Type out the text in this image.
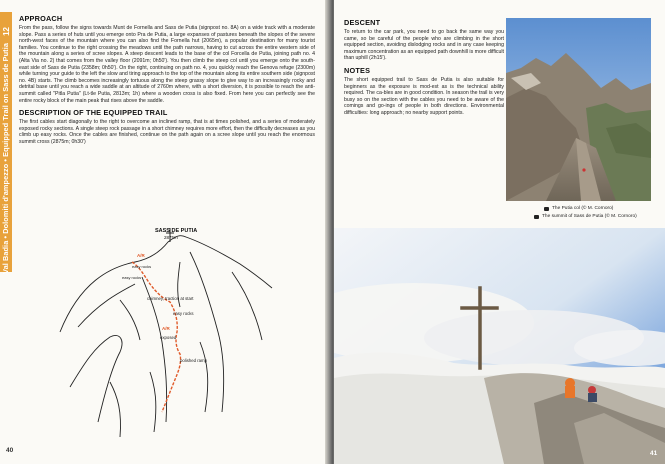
12
Val Badia • Dolomiti d'ampezzo • Equipped Trail on Sass de Putia
APPROACH
From the pass, follow the signs towards Munt de Fornella and Sass de Putia (signpost no. 8A) on a wide track with a moderate slope. Pass a series of huts until you emerge onto Pra de Putia, a large expanses of pastures beneath the slopes of the severe north-west faces of the mountain where you can also find the Fornella hut (2065m), a popular destination for many tourist families. You continue to the right crossing the meadows until the path narrows, having to cut across the entire western side of the mountain along a series of scree slopes. A steep descent leads to the base of the col Forcella de Putia, joining path no. 4 (Alta Via no. 2) that comes from the valley floor (2091m; 0h50'). You then climb the steep col until you emerge onto the south-east side of Sass de Putia (2358m; 0h50'). On the right, continuing on path no. 4, you quickly reach the Genova refuge (2300m) while turning your guide to the left the slow and tiring approach to the top of the mountain along its entire southern side (signpost no. 4B) starts. The climb becomes increasingly tortuous along the steep grassy slope to give way to an increasingly rocky and detrital base until you reach a wide saddle at an altitude of 2760m where, with a short diversion, it is possible to reach the anti-summit called "Pitla Putia" (Lt-tle Putia, 2813m; 1h) where a wooden cross is also fixed. From here you can perfectly see the entire rocky block of the main peak that rises above the saddle.
DESCRIPTION OF THE EQUIPPED TRAIL
The first cables start diagonally to the right to overcome an inclined ramp, that is at times polished, and a series of moderately exposed rocky sections. A single steep rock passage in a short chimney requires more effort, then the difficulty decreases as you climb up easy rocks. Once the cables are finished, continue on the path again on a scree slope until you reach the enormous summit cross (2875m; 0h30')
SASS DE PUTIA
2875m
A/R
easy rocks
easy rocks
chimney, traction at start
easy rocks
A/R
exposed
polished ramp
40
DESCENT
To return to the car park, you need to go back the same way you came, so be careful of the people who are climbing in the short equipped section, avoiding dislodging rocks and in any case keeping maximum concentration as an equipped path downhill is more difficult than uphill (2h15').
NOTES
The short equipped trail to Sass de Putia is also suitable for beginners as the exposure is mod-est as is the technical ability required. The ca-bles are in good condition. In season the trail is very busy so on the section with the cables you need to be aware of the comings and go-ings of people in both directions. Environmental difficulties: long approach; no nearby support points.
The Putia col (© M. Cornoro)
The summit of Sass de Putia (© M. Cornoro)
41
